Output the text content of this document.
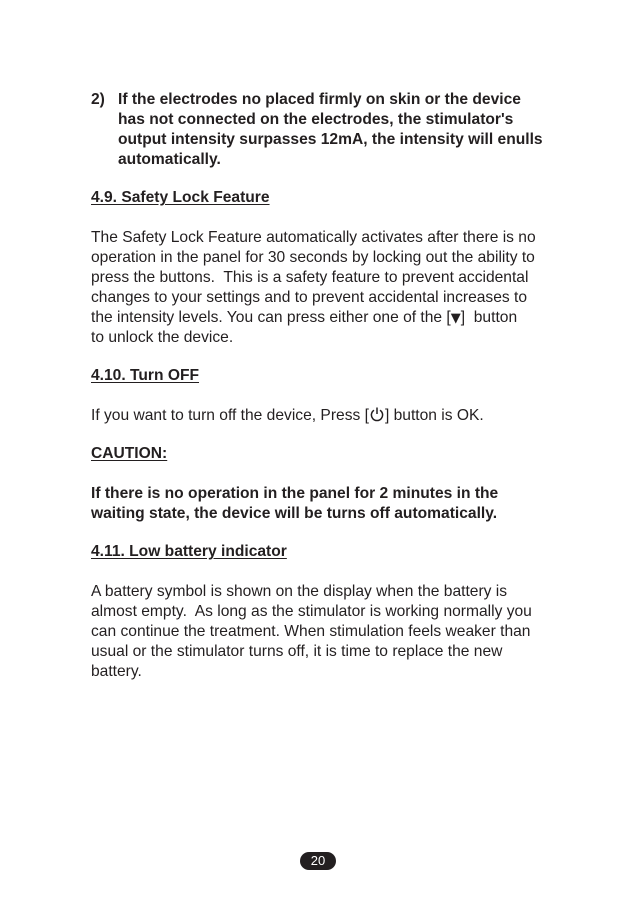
2) If the electrodes no placed firmly on skin or the device
has not connected on the electrodes, the stimulator's
output intensity surpasses 12mA, the intensity will enulls
automatically.
4.9. Safety Lock Feature
The Safety Lock Feature automatically activates after there is no
operation in the panel for 30 seconds by locking out the ability to
press the buttons.  This is a safety feature to prevent accidental
changes to your settings and to prevent accidental increases to
the intensity levels. You can press either one of the [▼]  button
to unlock the device.
4.10. Turn OFF
If you want to turn off the device, Press [ ] button is OK.
CAUTION:
If there is no operation in the panel for 2 minutes in the
waiting state, the device will be turns off automatically.
4.11. Low battery indicator
A battery symbol is shown on the display when the battery is
almost empty.  As long as the stimulator is working normally you
can continue the treatment. When stimulation feels weaker than
usual or the stimulator turns off, it is time to replace the new
battery.
20
